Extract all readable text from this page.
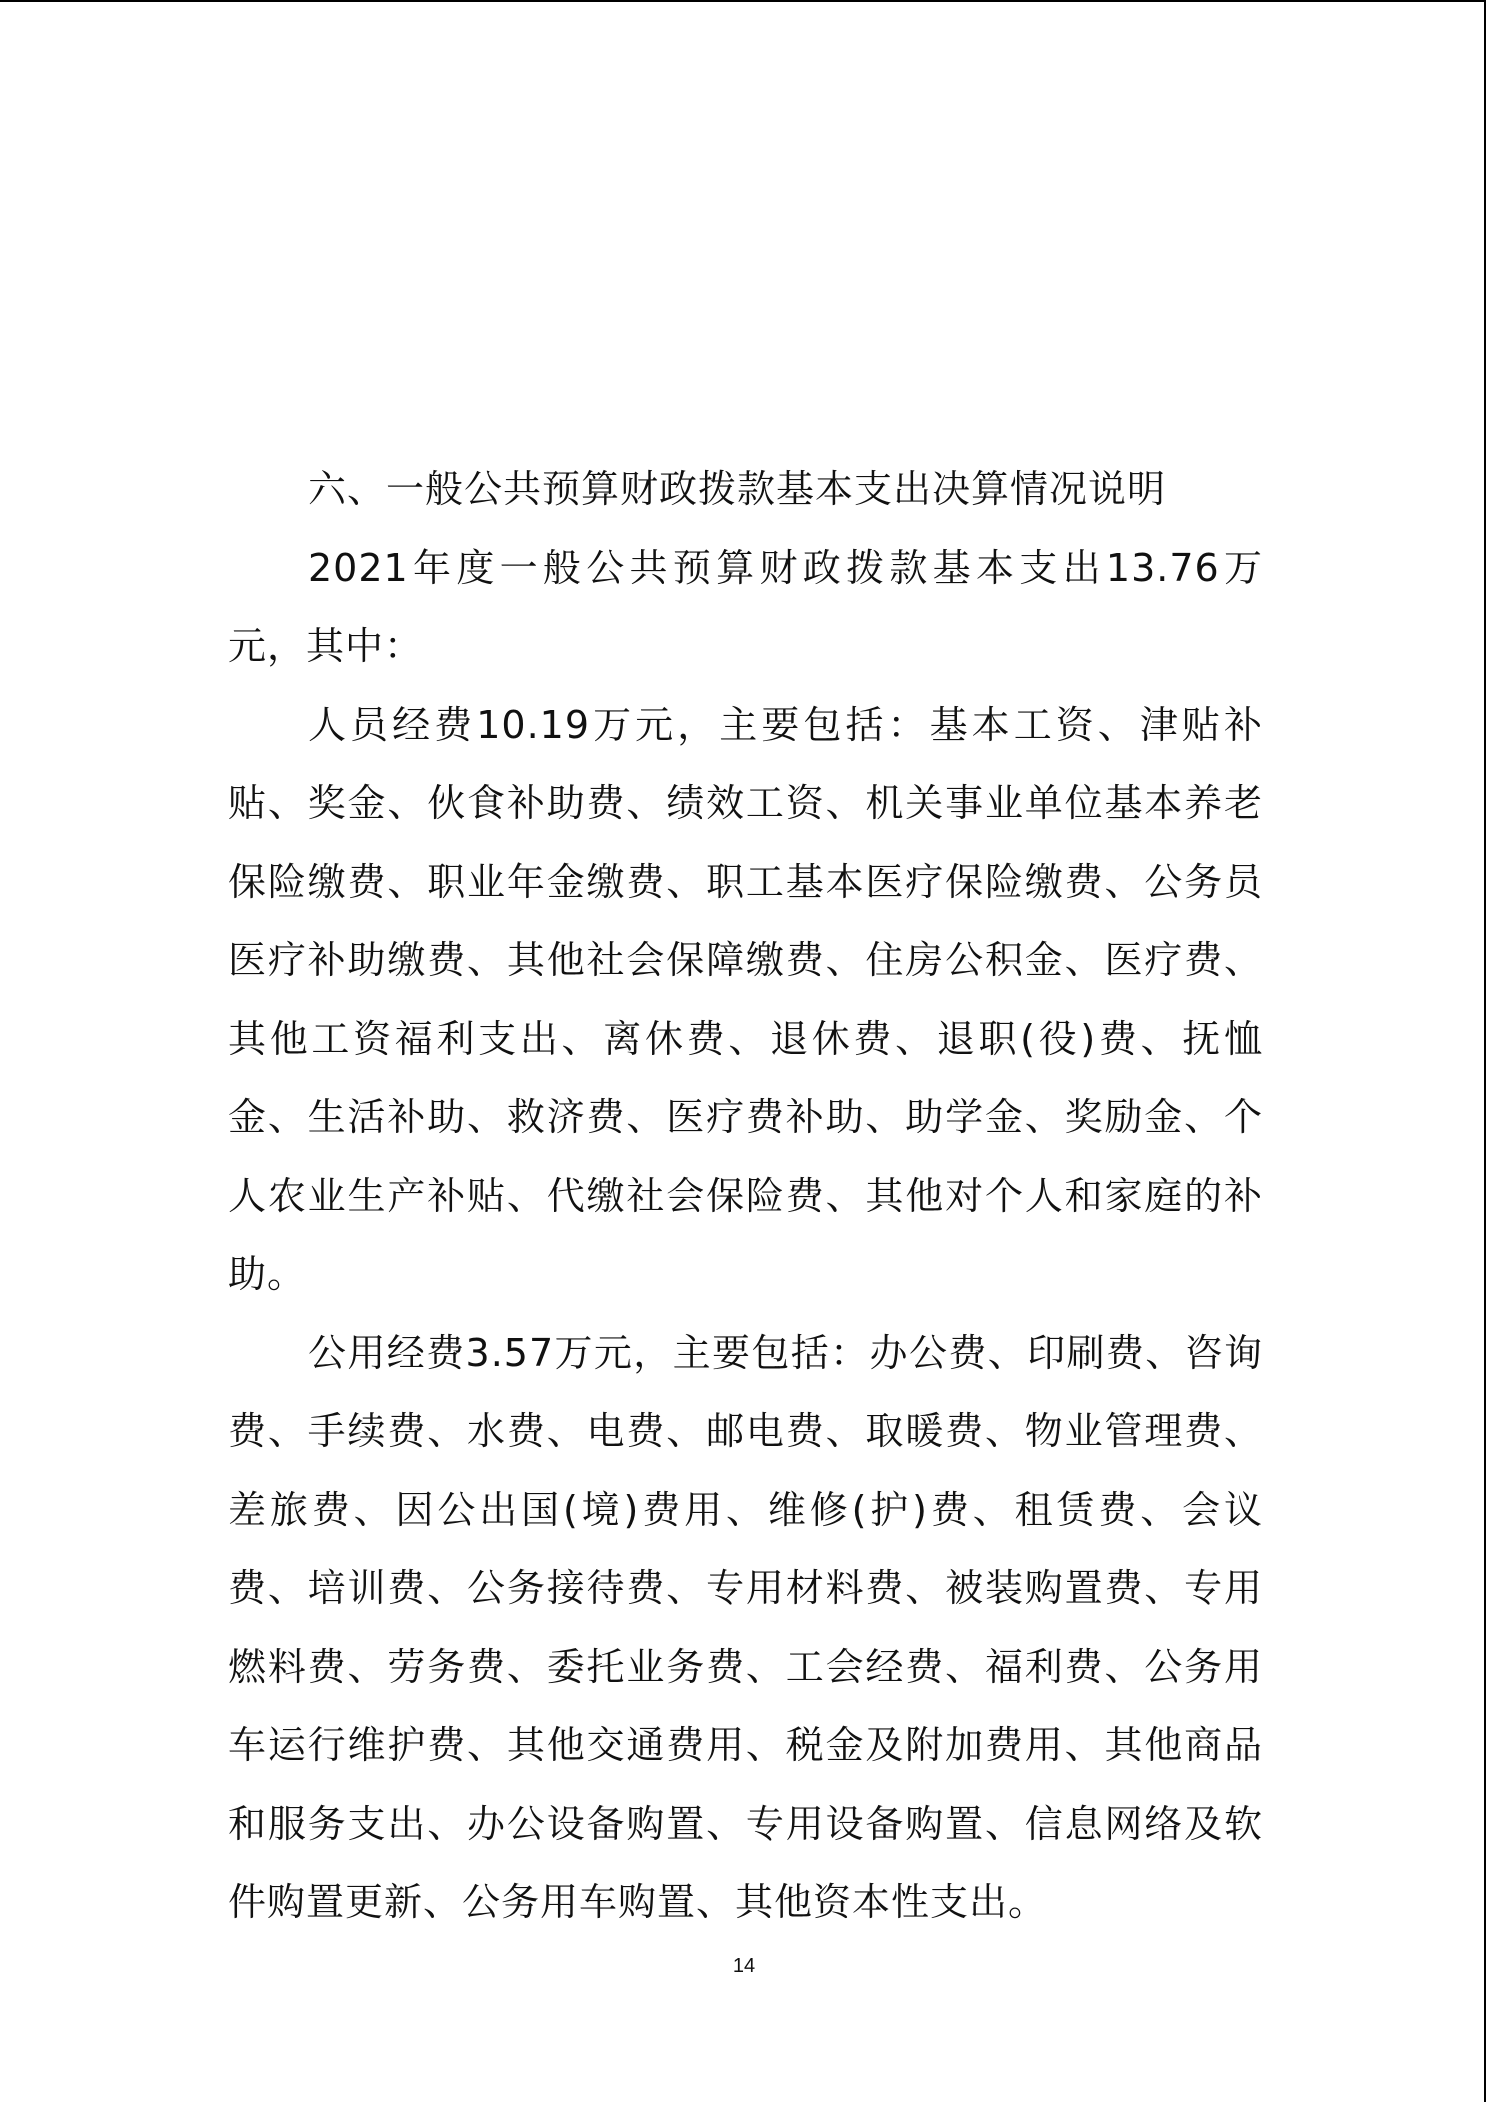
六、一般公共预算财政拨款基本支出决算情况说明

2021年度一般公共预算财政拨款基本支出13.76万元，其中：

人员经费10.19万元，主要包括：基本工资、津贴补贴、奖金、伙食补助费、绩效工资、机关事业单位基本养老保险缴费、职业年金缴费、职工基本医疗保险缴费、公务员医疗补助缴费、其他社会保障缴费、住房公积金、医疗费、其他工资福利支出、离休费、退休费、退职(役)费、抚恤金、生活补助、救济费、医疗费补助、助学金、奖励金、个人农业生产补贴、代缴社会保险费、其他对个人和家庭的补助。

公用经费3.57万元，主要包括：办公费、印刷费、咨询费、手续费、水费、电费、邮电费、取暖费、物业管理费、差旅费、因公出国(境)费用、维修(护)费、租赁费、会议费、培训费、公务接待费、专用材料费、被装购置费、专用燃料费、劳务费、委托业务费、工会经费、福利费、公务用车运行维护费、其他交通费用、税金及附加费用、其他商品和服务支出、办公设备购置、专用设备购置、信息网络及软件购置更新、公务用车购置、其他资本性支出。

14
